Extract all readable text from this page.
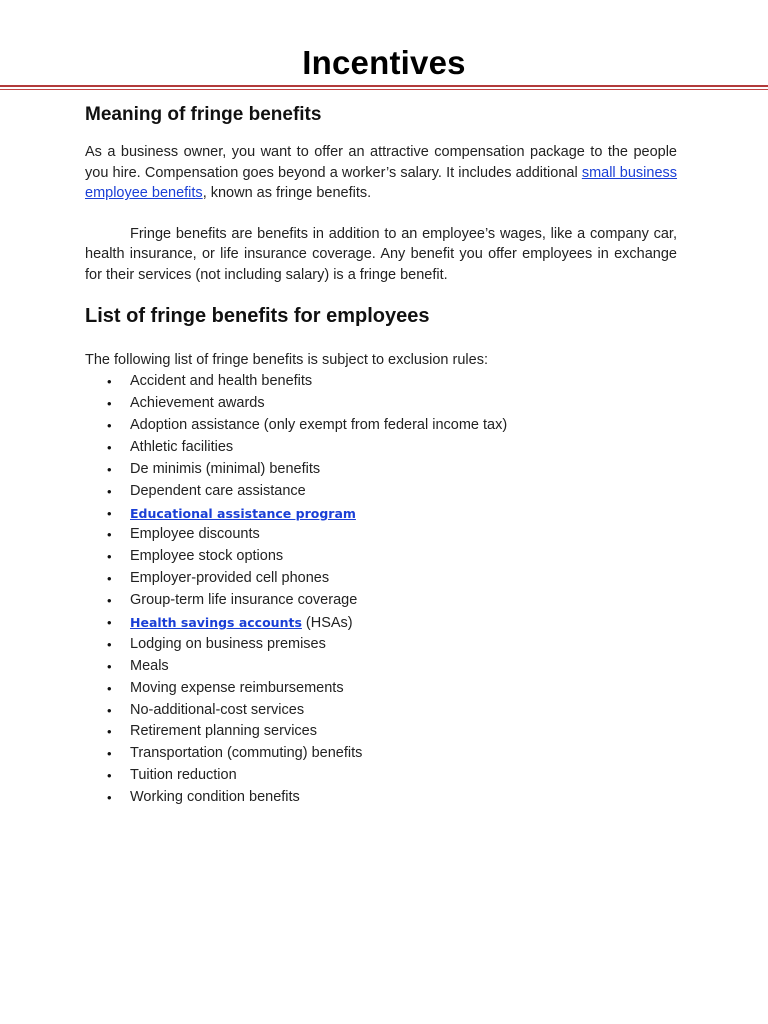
Incentives
Meaning of fringe benefits

As a business owner, you want to offer an attractive compensation package to the people you hire. Compensation goes beyond a worker’s salary. It includes additional small business employee benefits, known as fringe benefits.

Fringe benefits are benefits in addition to an employee’s wages, like a company car, health insurance, or life insurance coverage. Any benefit you offer employees in exchange for their services (not including salary) is a fringe benefit.

List of fringe benefits for employees

The following list of fringe benefits is subject to exclusion rules:

• Accident and health benefits
• Achievement awards
• Adoption assistance (only exempt from federal income tax)
• Athletic facilities
• De minimis (minimal) benefits
• Dependent care assistance
• Educational assistance program
• Employee discounts
• Employee stock options
• Employer-provided cell phones
• Group-term life insurance coverage
• Health savings accounts (HSAs)
• Lodging on business premises
• Meals
• Moving expense reimbursements
• No-additional-cost services
• Retirement planning services
• Transportation (commuting) benefits
• Tuition reduction
• Working condition benefits
